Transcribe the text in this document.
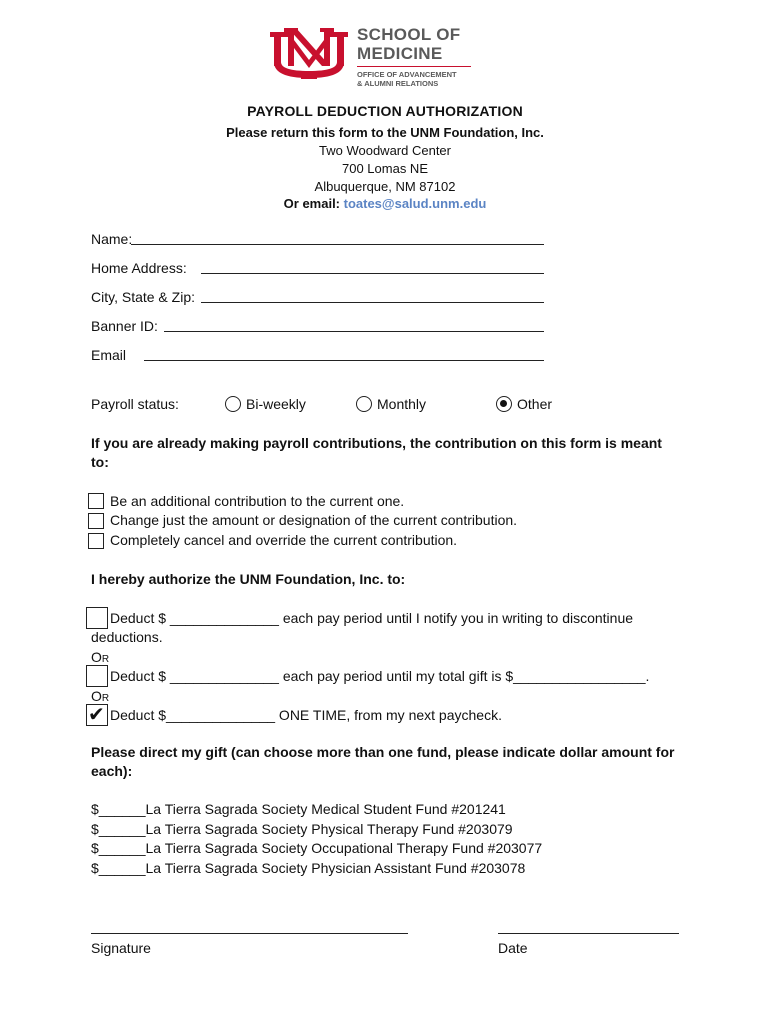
SCHOOL OF
MEDICINE
OFFICE OF ADVANCEMENT
& ALUMNI RELATIONS
PAYROLL DEDUCTION AUTHORIZATION
Please return this form to the UNM Foundation, Inc.
Two Woodward Center
700 Lomas NE
Albuquerque, NM 87102
Or email: toates@salud.unm.edu
Name:
Home Address:
City, State & Zip:
Banner ID:
Email
Payroll status:	Bi-weekly	Monthly	Other
If you are already making payroll contributions, the contribution on this form is meant to:
Be an additional contribution to the current one.
Change just the amount or designation of the current contribution.
Completely cancel and override the current contribution.
I hereby authorize the UNM Foundation, Inc. to:
Deduct $ ______________ each pay period until I notify you in writing to discontinue
deductions.
OR
Deduct $ ______________ each pay period until my total gift is $_________________.
OR
✔ Deduct $______________ ONE TIME, from my next paycheck.
Please direct my gift (can choose more than one fund, please indicate dollar amount for each):
$______La Tierra Sagrada Society Medical Student Fund #201241
$______La Tierra Sagrada Society Physical Therapy Fund #203079
$______La Tierra Sagrada Society Occupational Therapy Fund #203077
$______La Tierra Sagrada Society Physician Assistant Fund #203078
Signature	Date
